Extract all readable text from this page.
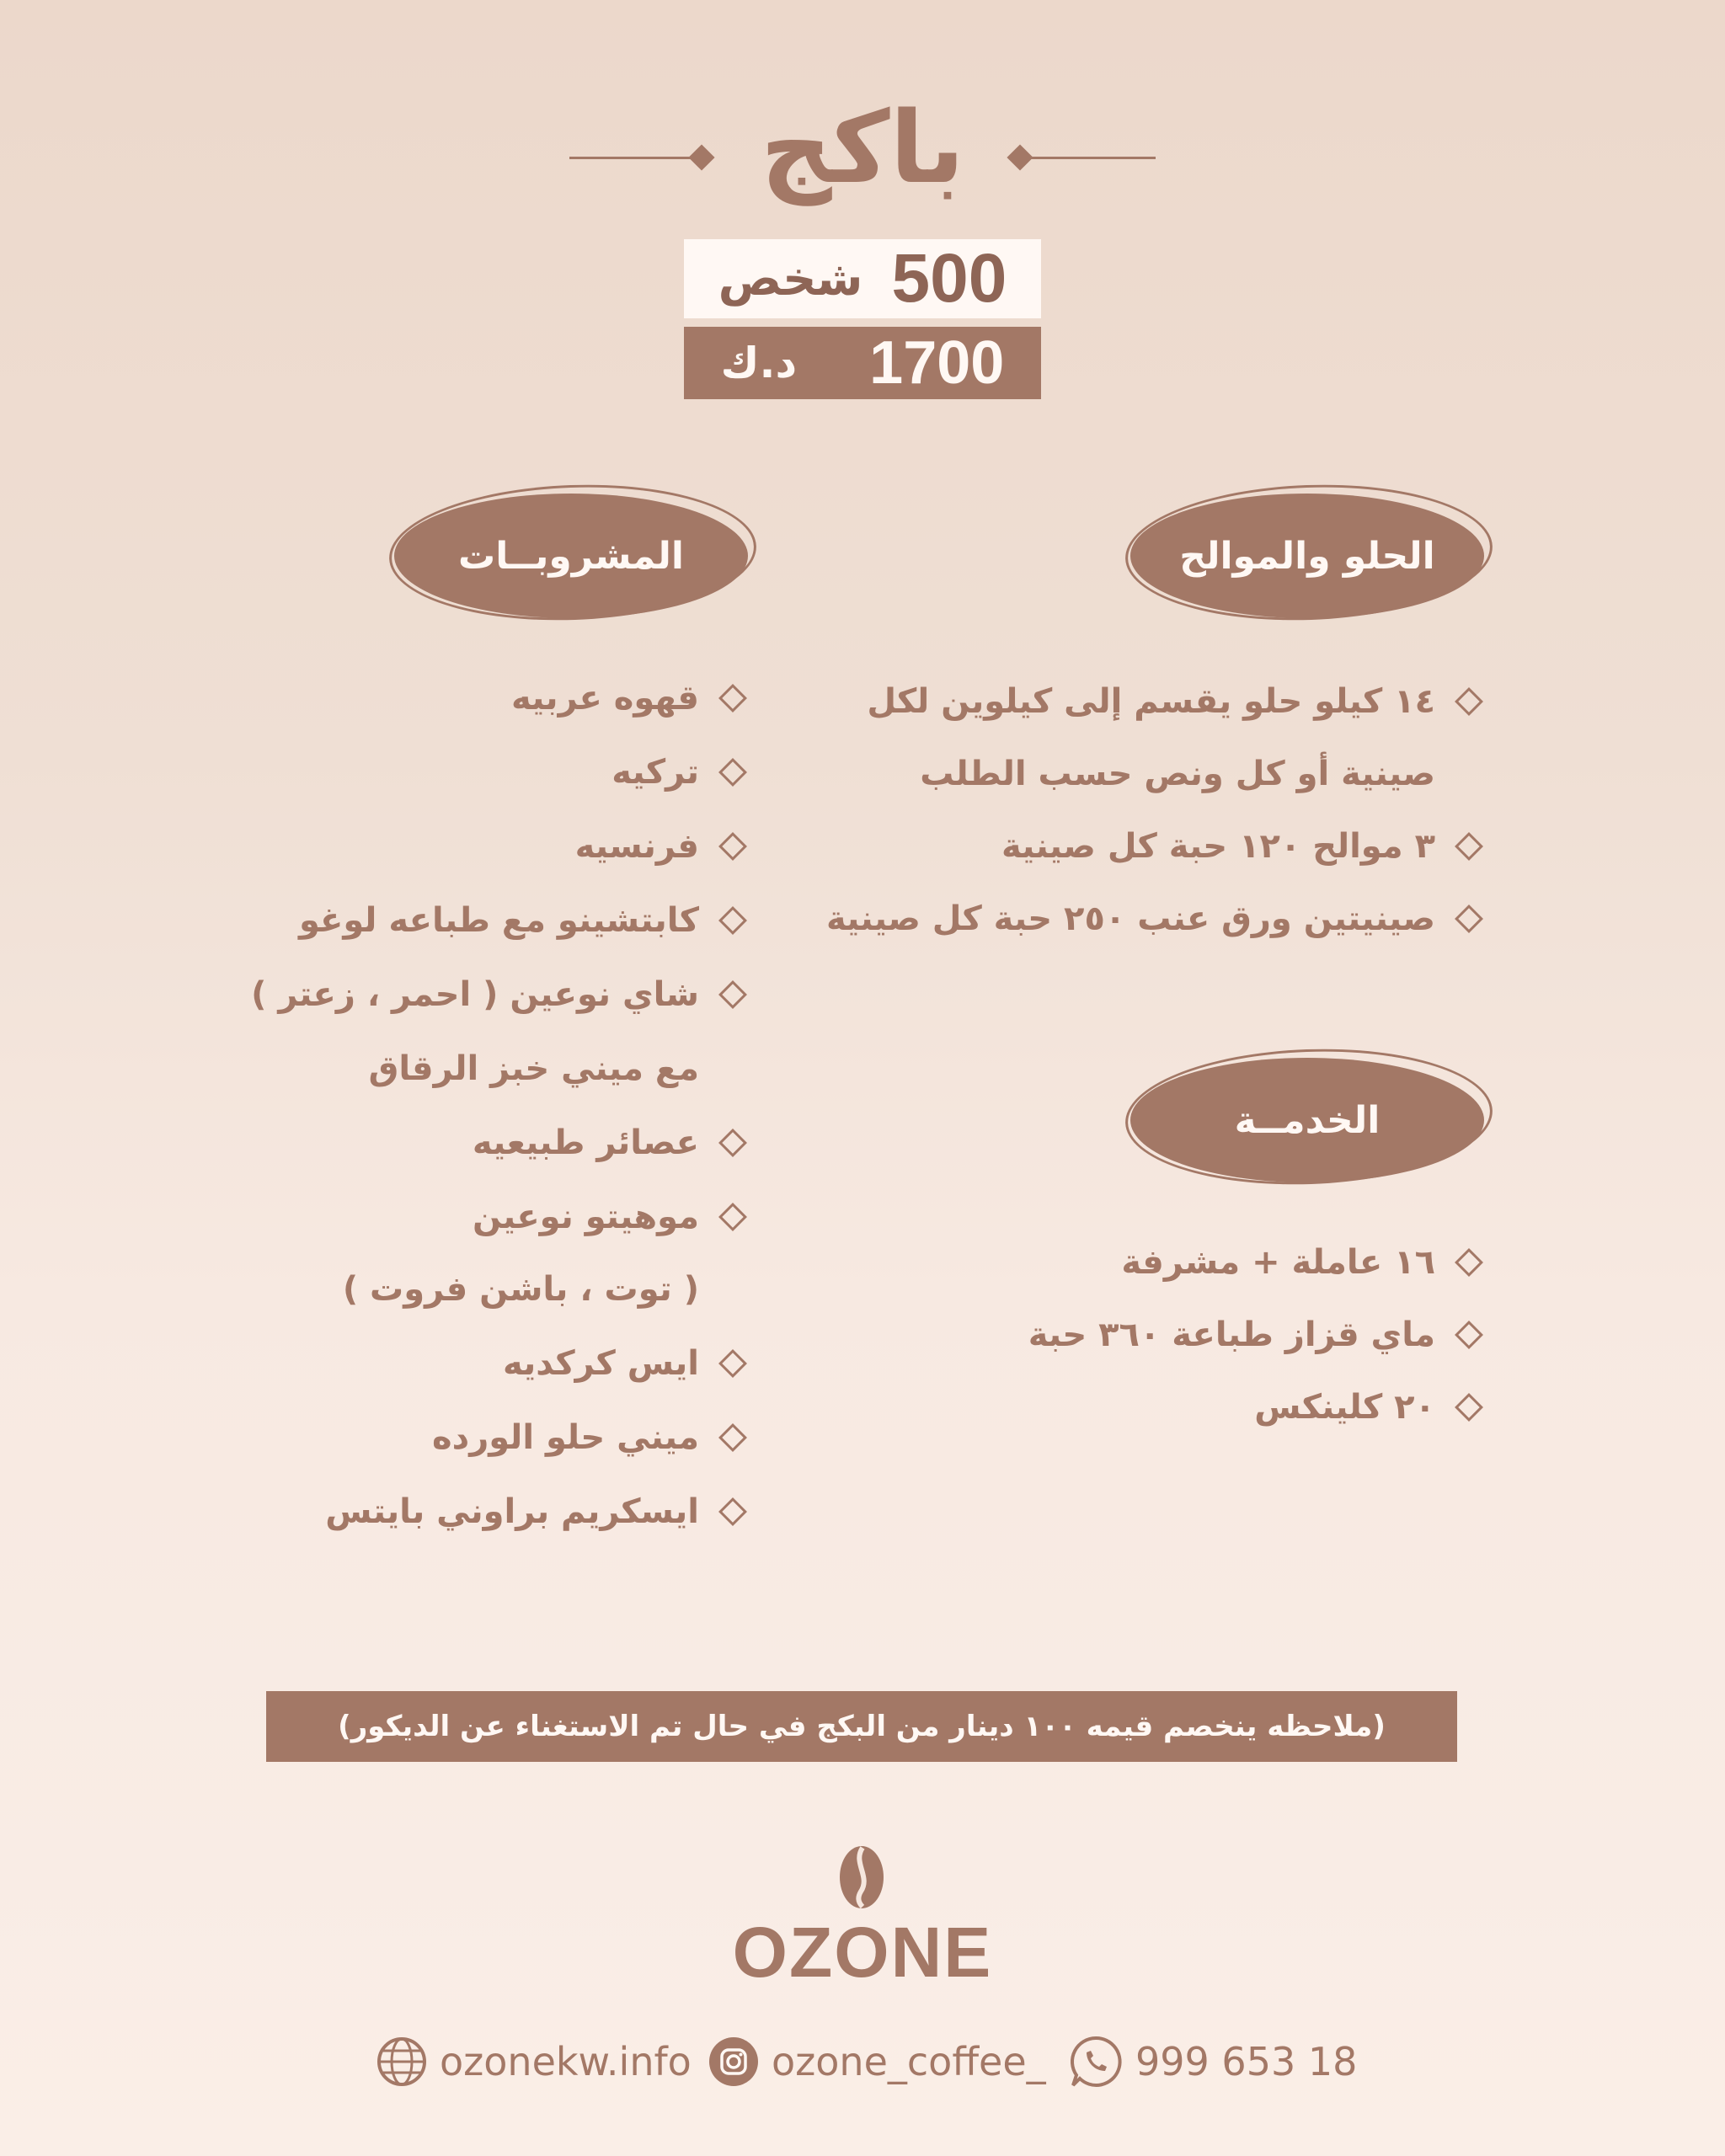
باكج
شخص 500
د.ك 1700
الحلو والموالح
المشروبــات
١٤ كيلو حلو يقسم إلى كيلوين لكل
صينية أو كل ونص حسب الطلب
٣ موالح ١٢٠ حبة كل صينية
صينيتين ورق عنب ٢٥٠ حبة كل صينية
الخدمــة
١٦ عاملة + مشرفة
ماي قزاز طباعة ٣٦٠ حبة
٢٠ كلينكس
قهوه عربيه
تركيه
فرنسيه
كابتشينو مع طباعه لوغو
شاي نوعين ( احمر ، زعتر )
مع ميني خبز الرقاق
عصائر طبيعيه
موهيتو نوعين
( توت ، باشن فروت )
ايس كركديه
ميني حلو الورده
ايسكريم براوني بايتس
(ملاحظه ينخصم قيمه ١٠٠ دينار من البكج في حال تم الاستغناء عن الديكور)
OZONE
ozonekw.info ozone_coffee_ 999 653 18
